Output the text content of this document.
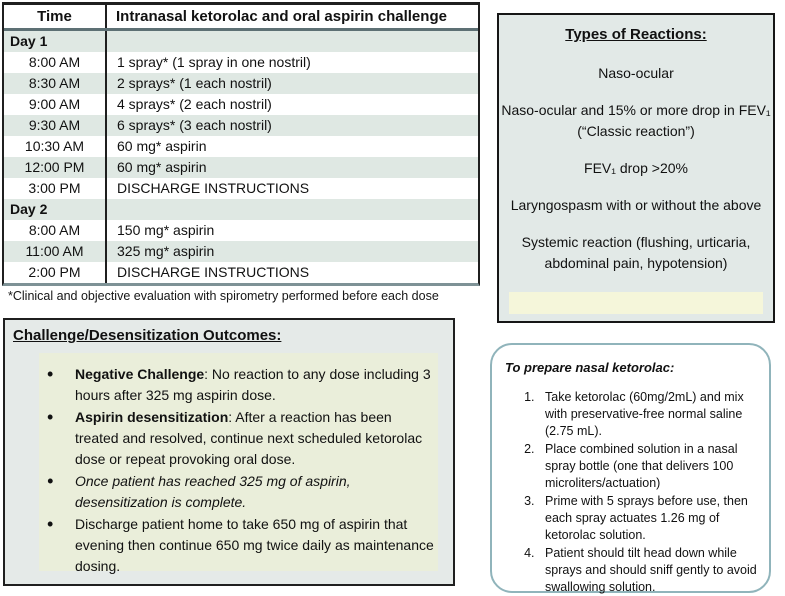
Time	Intranasal ketorolac and oral aspirin challenge
Day 1
8:00 AM	1 spray* (1 spray in one nostril)
8:30 AM	2 sprays* (1 each nostril)
9:00 AM	4 sprays* (2 each nostril)
9:30 AM	6 sprays* (3 each nostril)
10:30 AM	60 mg* aspirin
12:00 PM	60 mg* aspirin
3:00 PM	DISCHARGE INSTRUCTIONS
Day 2
8:00 AM	150 mg* aspirin
11:00 AM	325 mg* aspirin
2:00 PM	DISCHARGE INSTRUCTIONS
*Clinical and objective evaluation with spirometry performed before each dose
Types of Reactions:
Naso-ocular
Naso-ocular and 15% or more drop in FEV₁ (“Classic reaction”)
FEV₁ drop >20%
Laryngospasm with or without the above
Systemic reaction (flushing, urticaria, abdominal pain, hypotension)
Challenge/Desensitization Outcomes:
• Negative Challenge: No reaction to any dose including 3 hours after 325 mg aspirin dose.
• Aspirin desensitization: After a reaction has been treated and resolved, continue next scheduled ketorolac dose or repeat provoking oral dose.
• Once patient has reached 325 mg of aspirin, desensitization is complete.
• Discharge patient home to take 650 mg of aspirin that evening then continue 650 mg twice daily as maintenance dosing.
To prepare nasal ketorolac:
1. Take ketorolac (60mg/2mL) and mix with preservative-free normal saline (2.75 mL).
2. Place combined solution in a nasal spray bottle (one that delivers 100 microliters/actuation)
3. Prime with 5 sprays before use, then each spray actuates 1.26 mg of ketorolac solution.
4. Patient should tilt head down while sprays and should sniff gently to avoid swallowing solution.
